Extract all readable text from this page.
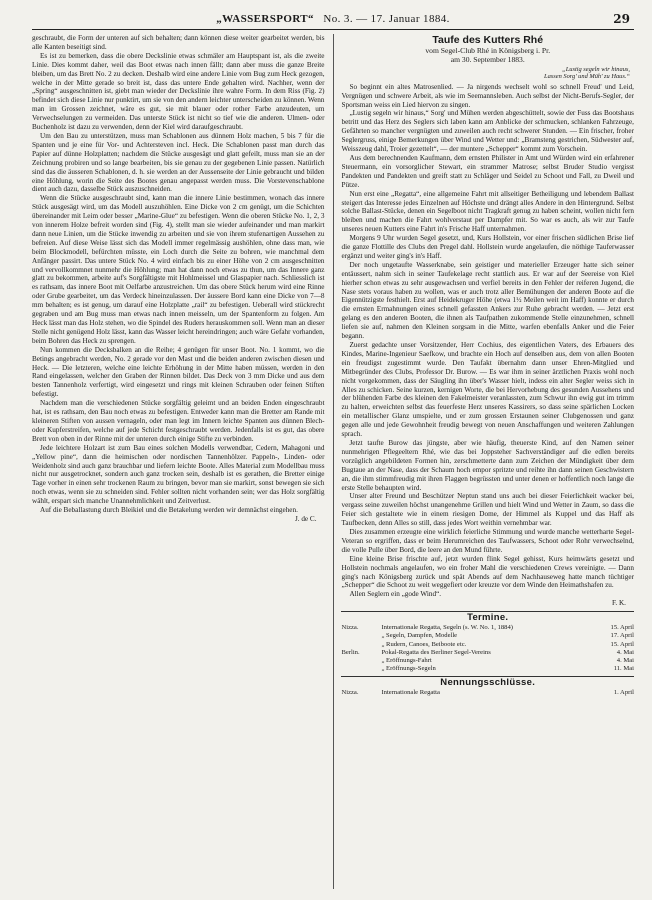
„WASSERSPORT“ No. 3. — 17. Januar 1884.	29

geschraubt, die Form der unteren auf sich behalten; dann können diese weiter gearbeitet werden, bis alle Kanten beseitigt sind.

Es ist zu bemerken, dass die obere Deckslinie etwas schmäler am Hauptspant ist, als die zweite Linie. Dies kommt daher, weil das Boot etwas nach innen fällt; dann aber muss die ganze Breite bleiben, um das Brett No. 2 zu decken. Deshalb wird eine andere Linie vom Bug zum Heck gezogen, welche in der Mitte gerade so breit ist, dass das untere Ende gehalten wird. Nachher, wenn der „Spring“ ausgeschnitten ist, giebt man wieder der Deckslinie ihre wahre Form. In dem Riss (Fig. 2) befindet sich diese Linie nur punktirt, um sie von den andern leichter unterscheiden zu können. Wenn man im Grossen zeichnet, wäre es gut, sie mit blauer oder rother Farbe anzudeuten, um Verwechselungen zu vermeiden. Das unterste Stück ist nicht so tief wie die anderen. Ulmen- oder Buchenholz ist dazu zu verwenden, denn der Kiel wird daraufgeschraubt.

Um den Bau zu unterstützen, muss man Schablonen aus dünnem Holz machen, 5 bis 7 für die Spanten und je eine für Vor- und Achtersteven incl. Heck. Die Schablonen passt man durch das Papier auf dünne Holzplatten; nachdem die Stücke ausgesägt und glatt gefeilt, muss man sie an der Zeichnung probiren und so lange bearbeiten, bis sie genau zu der gegebenen Linie passen. Natürlich sind das die äusseren Schablonen, d. h. sie werden an der Aussenseite der Linie gebraucht und bilden eine Höhlung, worin die Seite des Bootes genau angepasst werden muss. Die Vorstevenschablone dient auch dazu, dasselbe Stück auszuschneiden.

Wenn die Stücke ausgeschraubt sind, kann man die innere Linie bestimmen, wonach das innere Stück ausgesägt wird, um das Modell auszuhöhlen. Eine Dicke von 2 cm genügt, um die Schichten übereinander mit Leim oder besser „Marine-Glue“ zu befestigen. Wenn die oberen Stücke No. 1, 2, 3 von innerem Holze befreit worden sind (Fig. 4), stellt man sie wieder aufeinander und man markirt dann neue Linien, um die Stücke inwendig zu arbeiten und sie von ihrem stufenartigen Aussehen zu befreien. Auf diese Weise lässt sich das Modell immer regelmässig aushöhlen, ohne dass man, wie beim Blockmodell, befürchten müsste, ein Loch durch die Seite zu bohren, wie manchmal dem Anfänger passirt. Das untere Stück No. 4 wird einfach bis zu einer Höhe von 2 cm ausgeschnitten und vervollkommnet nunmehr die Höhlung; man hat dann noch etwas zu thun, um das Innere ganz glatt zu bekommen, arbeite auf's Sorgfältigste mit Hohlmeissel und Glaspapier nach. Schliesslich ist es rathsam, das innere Boot mit Oelfarbe anzustreichen. Um das obere Stück herum wird eine Rinne oder Grube gearbeitet, um das Verdeck hineinzulassen. Der äussere Bord kann eine Dicke von 7—8 mm behalten; es ist genug, um darauf eine Holzplatte „rail“ zu befestigen. Ueberall wird stückrecht gegraben und am Bug muss man etwas nach innen meisseln, um der Spantenform zu folgen. Am Heck lässt man das Holz stehen, wo die Spindel des Ruders herauskommen soll. Wenn man an dieser Stelle nicht genügend Holz lässt, kann das Wasser leicht hereindringen; auch wäre Gefahr vorhanden, beim Bohren das Heck zu sprengen.

Nun kommen die Decksbalken an die Reihe; 4 genügen für unser Boot. No. 1 kommt, wo die Betings angebracht werden, No. 2 gerade vor den Mast und die beiden anderen zwischen diesen und Heck. — Die letzteren, welche eine leichte Erhöhung in der Mitte haben müssen, werden in den Rand eingelassen, welcher den Graben der Rinnen bildet. Das Deck von 3 mm Dicke und aus dem besten Tannenholz verfertigt, wird eingesetzt und rings mit kleinen Schrauben oder feinen Stiften befestigt.

Nachdem man die verschiedenen Stücke sorgfältig geleimt und an beiden Enden eingeschraubt hat, ist es rathsam, den Bau noch etwas zu befestigen. Entweder kann man die Bretter am Rande mit kleineren Stiften von aussen vernageln, oder man legt im Innern leichte Spanten aus dünnen Blech- oder Kupferstreifen, welche auf jede Schicht festgeschraubt werden. Jedenfalls ist es gut, das obere Brett von oben in der Rinne mit der unteren durch einige Stifte zu verbinden.

Jede leichtere Holzart ist zum Bau eines solchen Modells verwendbar, Cedern, Mahagoni und „Yellow pine“, dann die heimischen oder nordischen Tannenhölzer. Pappeln-, Linden- oder Weidenholz sind auch ganz brauchbar und liefern leichte Boote. Alles Material zum Modellbau muss nicht nur ausgetrocknet, sondern auch ganz trocken sein, deshalb ist es gerathen, die Bretter einige Tage vorher in einen sehr trockenen Raum zu bringen, bevor man sie markirt, sonst bewegen sie sich noch etwas, wenn sie zu schneiden sind. Fehler sollten nicht vorhanden sein; wer das Holz sorgfältig wählt, erspart sich manche Unannehmlichkeit und Zeitverlust.

Auf die Beballastung durch Bleikiel und die Betakelung werden wir demnächst eingehen.

J. de C.
Taufe des Kutters Rhé
vom Segel-Club Rhé in Königsberg i. Pr.
am 30. September 1883.
„Lustig segeln wir hinaus,
Lassen Sorg' und Müh' zu Haus.“

So beginnt ein altes Matrosenlied. — Ja nirgends wechselt wohl so schnell Freud' und Leid, Vergnügen und schwere Arbeit, als wie im Seemannsleben. Auch selbst der Nicht-Berufs-Segler, der Sportsman weiss ein Lied hiervon zu singen.

„Lustig segeln wir hinaus,“ Sorg' und Mühen werden abgeschüttelt, sowie der Fuss das Bootshaus betritt und das Herz des Seglers sich laben kann am Anblicke der schmucken, schlanken Fahrzeuge, Gefährten so mancher vergnügten und zuweilen auch recht schwerer Stunden. — Ein frischer, froher Seglergruss, einige Bemerkungen über Wind und Wetter und: „Bramsteng gestrichen, Südwester auf, Weisszeug dahl, Troier gezettelt“, — der muntere „Schepper“ kommt zum Vorschein.

Aus dem berechnenden Kaufmann, dem ernsten Philister in Amt und Würden wird ein erfahrener Steuermann, ein vorsorglicher Stewart, ein strammer Matrose; selbst Bruder Studio vergisst Pandekten und Pandekten und greift statt zu Schläger und Seidel zu Schoot und Fall, zu Dweil und Pütze.

Nun erst eine „Regatta“, eine allgemeine Fahrt mit allseitiger Betheiligung und lebendem Ballast steigert das Interesse jedes Einzelnen auf Höchste und drängt alles Andere in den Hintergrund. Selbst solche Ballast-Stücke, denen ein Segelboot nicht Tragkraft genug zu haben scheint, wollen nicht fern bleiben und machen die Fahrt wohlverstaut per Dampfer mit. So war es auch, als wir zur Taufe unseres neuen Kutters eine Fahrt in's Frische Haff unternahmen.

Morgens 9 Uhr wurden Segel gesetzt, und, Kurs Hollstein, vor einer frischen südlichen Brise lief die ganze Flottille des Clubs den Pregel dahl. Hollstein wurde angelaufen, die nöthige Tauferwasser ergänzt und weiter ging's in's Haff.

Der noch ungetaufte Wasserknabe, sein geistiger und materieller Erzeuger hatte sich seiner entäussert, nahm sich in seiner Taufekelage recht stattlich aus. Er war auf der Seereise von Kiel hierher schon etwas zu sehr ausgewachsen und verfiel bereits in den Fehler der reiferen Jugend, die Nase stets voraus haben zu wollen, was er auch trotz aller Bemühungen der anderen Boote auf die Eigennützigste festhielt. Erst auf Heidekruger Höhe (etwa 1½ Meilen weit im Haff) konnte er durch die ernsten Ermahnungen eines schnell gefassten Ankers zur Ruhe gebracht werden. — Jetzt erst gelang es den anderen Booten, die ihnen als Taufpathen zukommende Stelle einzunehmen, schnell liefen sie auf, nahmen den Kleinen sorgsam in die Mitte, warfen ebenfalls Anker und die Feier begann.

Zuerst gedachte unser Vorsitzender, Herr Cochius, des eigentlichen Vaters, des Erbauers des Kindes, Marine-Ingenieur Saefkow, und brachte ein Hoch auf denselben aus, dem von allen Booten ein freudigst zugestimmt wurde. Den Taufakt übernahm dann unser Ehren-Mitglied und Mitbegründer des Clubs, Professor Dr. Burow. — Es war ihm in seiner ärztlichen Praxis wohl noch nicht vorgekommen, dass der Säugling ihn über's Wasser hielt, indess ein alter Segler weiss sich in Alles zu schicken. Seine kurzen, kernigen Worte, die bei Hervorhebung des gesunden Aussehens und der blühenden Farbe des kleinen den Fakelmeister veranlassten, zum Schwur ihn ewig gut im trimm zu halten, erweichten selbst das feuerfeste Herz unseres Kassirers, so dass seine spärlichen Locken ein metallischer Glanz umspielte, und er zum grossen Erstaunen seiner Clubgenossen und ganz gegen alle und jede Gewohnheit freudig bewegt von neuen Anschaffungen und weiteren Zahlungen sprach.

Jetzt taufte Burow das jüngste, aber wie häufig, theuerste Kind, auf den Namen seiner nunmehrigen Pflegeeltern Rhé, wie das bei Joppsteher Sachverständiger auf die edlen bereits vorzüglich angebildeten Formen hin, zerschmetterte dann zum Zeichen der Mündigkeit über dem Bugtaue an der Nase, dass der Schaum hoch empor spritzte und reihte ihn dann seinen Geschwistern an, die ihm stimmfreudig mit ihren Flaggen begrüssten und unter denen er hoffentlich noch lange die erste Stelle behaupten wird.

Unser alter Freund und Beschützer Neptun stand uns auch bei dieser Feierlichkeit wacker bei, vergass seine zuweilen höchst unangenehme Grillen und hielt Wind und Wetter in Zaum, so dass die Feier sich gestaltete wie in einem riesigen Dome, der Himmel als Kuppel und das Haff als Taufbecken, denn Alles so still, dass jedes Wort weithin vernehmbar war.

Dies zusammen erzeugte eine wirklich feierliche Stimmung und wurde manche wetterharte Segel-Veteran so ergriffen, dass er beim Herumreichen des Taufwassers, Schoot oder Rohr verwechselnd, die volle Pulle über Bord, die leere an den Mund führte.

Eine kleine Brise frischte auf, jetzt wurden flink Segel gehisst, Kurs heimwärts gesetzt und Hollstein nochmals angelaufen, wo ein froher Mahl die verschiedenen Crews vereinigte. — Dann ging's nach Königsberg zurück und spät Abends auf dem Nachhauseweg hatte manch tüchtiger „Schepper“ die Schoot zu weit weggefiert oder kreuzte vor dem Winde den Heimathshafen zu.

Allen Seglern ein „gode Wind“.

F. K.
Termine.
Nizza.	Internationale Regatta, Segeln (s. W. No. 1, 1884)	15. April
	„ Segeln, Dampfen, Modelle	17. April
	„ Rudern, Canoes, Beiboote etc.	15. April
Berlin.	Pokal-Regatta des Berliner Segel-Vereins	4. Mai
	„ Eröffnungs-Fahrt	4. Mai
	„ Eröffnungs-Segeln	11. Mai
Nennungsschlüsse.
Nizza.	Internationale Regatta	1. April
